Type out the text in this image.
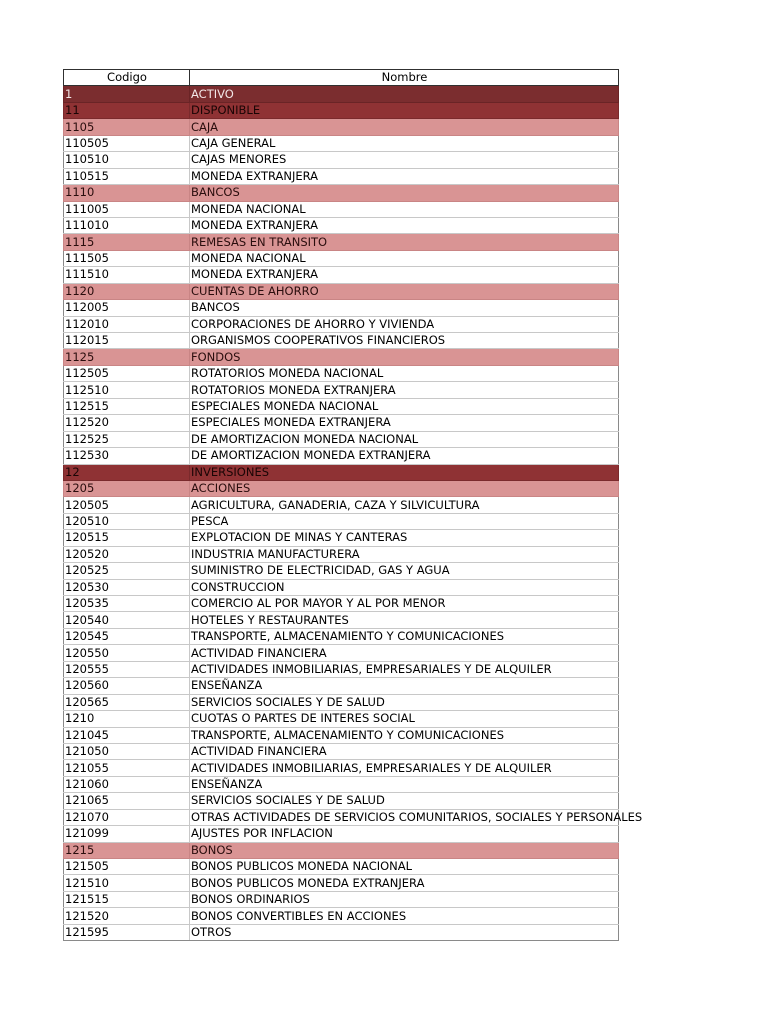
Codigo	Nombre
1	ACTIVO
11	DISPONIBLE
1105	CAJA
110505	CAJA GENERAL
110510	CAJAS MENORES
110515	MONEDA EXTRANJERA
1110	BANCOS
111005	MONEDA NACIONAL
111010	MONEDA EXTRANJERA
1115	REMESAS EN TRANSITO
111505	MONEDA NACIONAL
111510	MONEDA EXTRANJERA
1120	CUENTAS DE AHORRO
112005	BANCOS
112010	CORPORACIONES DE AHORRO Y VIVIENDA
112015	ORGANISMOS COOPERATIVOS FINANCIEROS
1125	FONDOS
112505	ROTATORIOS MONEDA NACIONAL
112510	ROTATORIOS MONEDA EXTRANJERA
112515	ESPECIALES MONEDA NACIONAL
112520	ESPECIALES MONEDA EXTRANJERA
112525	DE AMORTIZACION MONEDA NACIONAL
112530	DE AMORTIZACION MONEDA EXTRANJERA
12	INVERSIONES
1205	ACCIONES
120505	AGRICULTURA, GANADERIA, CAZA Y SILVICULTURA
120510	PESCA
120515	EXPLOTACION DE MINAS Y CANTERAS
120520	INDUSTRIA MANUFACTURERA
120525	SUMINISTRO DE ELECTRICIDAD, GAS Y AGUA
120530	CONSTRUCCION
120535	COMERCIO AL POR MAYOR Y AL POR MENOR
120540	HOTELES Y RESTAURANTES
120545	TRANSPORTE, ALMACENAMIENTO Y COMUNICACIONES
120550	ACTIVIDAD FINANCIERA
120555	ACTIVIDADES INMOBILIARIAS, EMPRESARIALES Y DE ALQUILER
120560	ENSEÑANZA
120565	SERVICIOS SOCIALES Y DE SALUD
1210	CUOTAS O PARTES DE INTERES SOCIAL
121045	TRANSPORTE, ALMACENAMIENTO Y COMUNICACIONES
121050	ACTIVIDAD FINANCIERA
121055	ACTIVIDADES INMOBILIARIAS, EMPRESARIALES Y DE ALQUILER
121060	ENSEÑANZA
121065	SERVICIOS SOCIALES Y DE SALUD
121070	OTRAS ACTIVIDADES DE SERVICIOS COMUNITARIOS, SOCIALES Y PERSONALES
121099	AJUSTES POR INFLACION
1215	BONOS
121505	BONOS PUBLICOS MONEDA NACIONAL
121510	BONOS PUBLICOS MONEDA EXTRANJERA
121515	BONOS ORDINARIOS
121520	BONOS CONVERTIBLES EN ACCIONES
121595	OTROS
